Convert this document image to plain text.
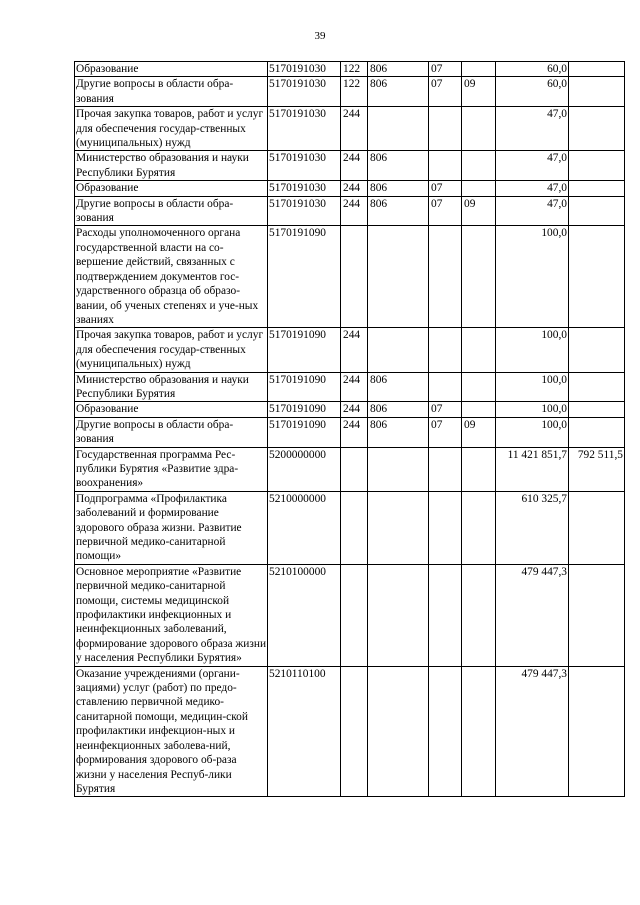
39
Образование	5170191030	122	806	07		60,0	
Другие вопросы в области обра-зования	5170191030	122	806	07	09	60,0	
Прочая закупка товаров, работ и услуг для обеспечения государ-ственных (муниципальных) нужд	5170191030	244				47,0	
Министерство образования и науки Республики Бурятия	5170191030	244	806			47,0	
Образование	5170191030	244	806	07		47,0	
Другие вопросы в области обра-зования	5170191030	244	806	07	09	47,0	
Расходы уполномоченного органа государственной власти на со-вершение действий, связанных с подтверждением документов гос-ударственного образца об образо-вании, об ученых степенях и уче-ных званиях	5170191090					100,0	
Прочая закупка товаров, работ и услуг для обеспечения государ-ственных (муниципальных) нужд	5170191090	244				100,0	
Министерство образования и науки Республики Бурятия	5170191090	244	806			100,0	
Образование	5170191090	244	806	07		100,0	
Другие вопросы в области обра-зования	5170191090	244	806	07	09	100,0	
Государственная программа Рес-публики Бурятия «Развитие здра-воохранения»	5200000000					11 421 851,7	792 511,5
Подпрограмма «Профилактика заболеваний и формирование здорового образа жизни. Развитие первичной медико-санитарной помощи»	5210000000					610 325,7	
Основное мероприятие «Развитие первичной медико-санитарной помощи, системы медицинской профилактики инфекционных и неинфекционных заболеваний, формирование здорового образа жизни у населения Республики Бурятия»	5210100000					479 447,3	
Оказание учреждениями (органи-зациями) услуг (работ) по предо-ставлению первичной медико-санитарной помощи, медицин-ской профилактики инфекцион-ных и неинфекционных заболева-ний, формирования здорового об-раза жизни у населения Респуб-лики Бурятия	5210110100					479 447,3	
